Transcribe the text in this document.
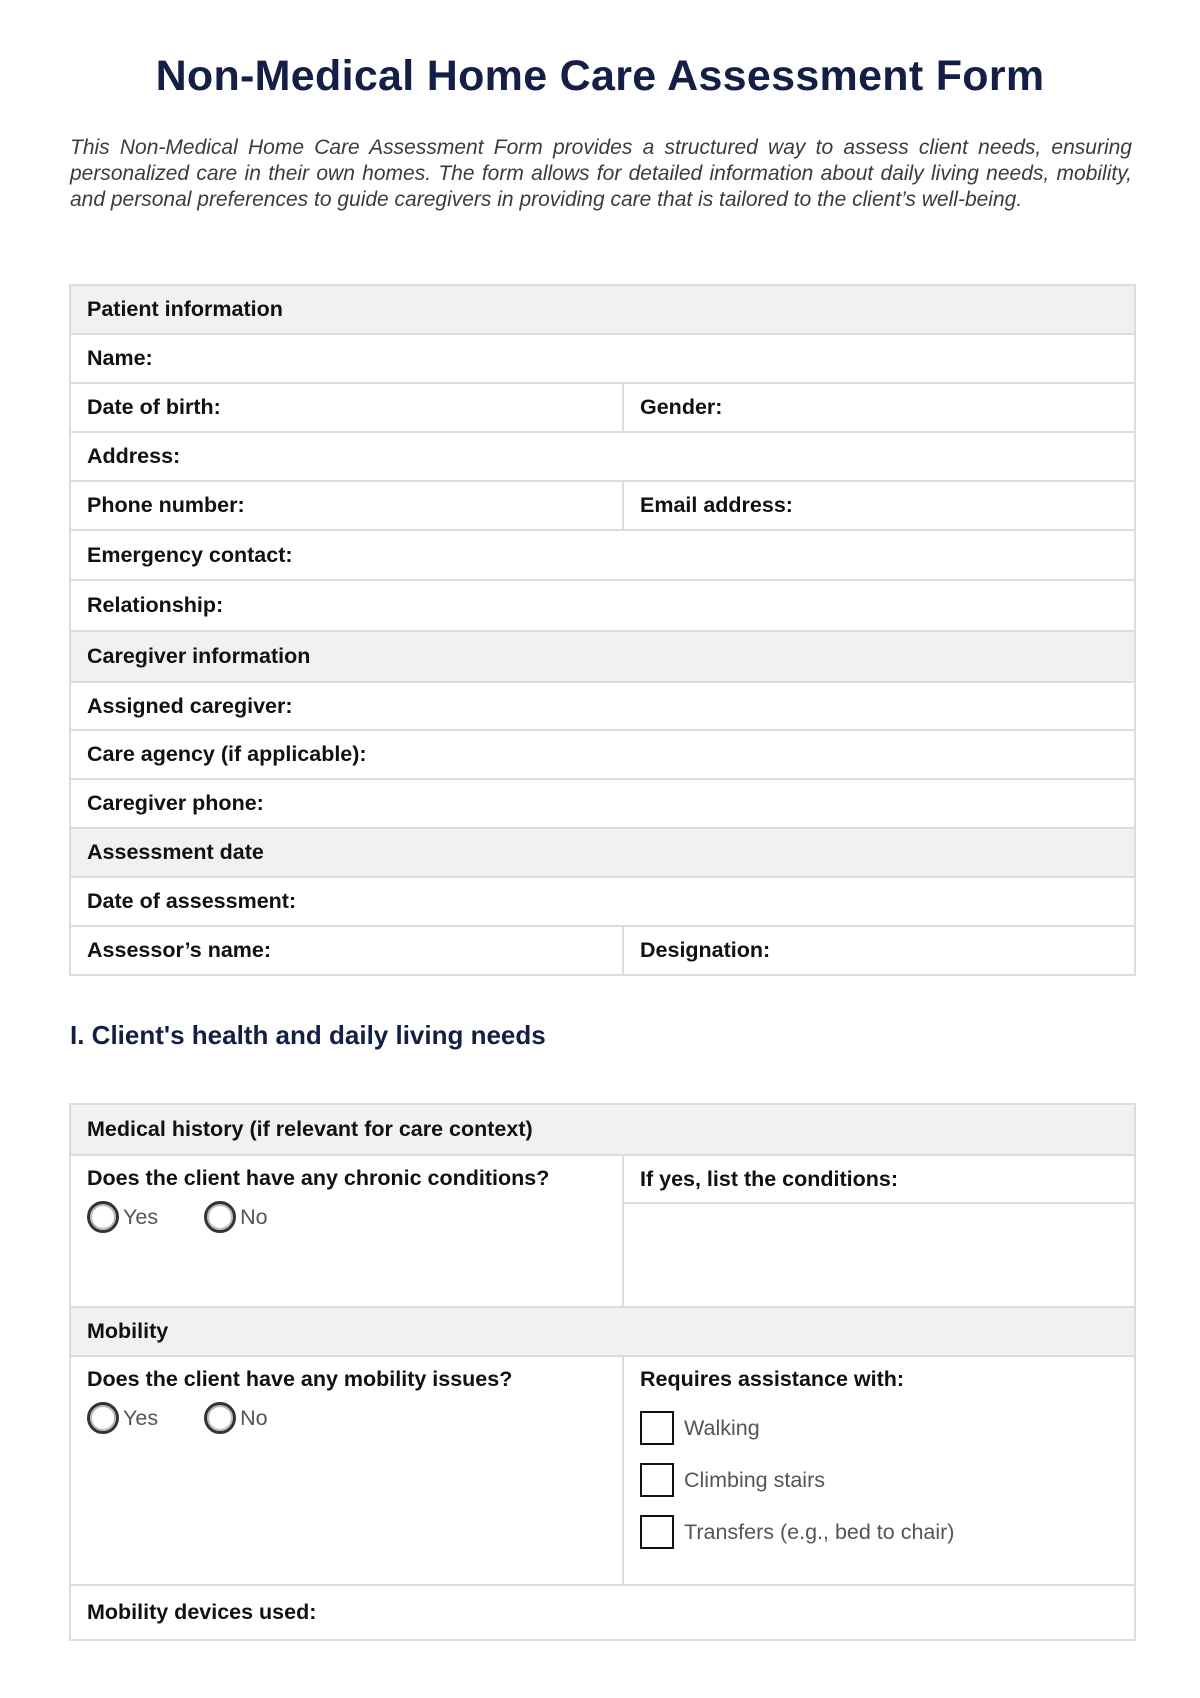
Non-Medical Home Care Assessment Form
This Non-Medical Home Care Assessment Form provides a structured way to assess client needs, ensuring personalized care in their own homes. The form allows for detailed information about daily living needs, mobility, and personal preferences to guide caregivers in providing care that is tailored to the client’s well-being.
Patient information	
Name:	
Date of birth:	Gender:
Address:	
Phone number:	Email address:
Emergency contact:	
Relationship:	
Caregiver information	
Assigned caregiver:	
Care agency (if applicable):	
Caregiver phone:	
Assessment date	
Date of assessment:	
Assessor’s name:	Designation:
I. Client's health and daily living needs
Medical history (if relevant for care context)	

Does the client have any chronic conditions?
Yes No	If yes, list the conditions:

Mobility	

Does the client have any mobility issues?
Yes No	Requires assistance with:
Walking
Climbing stairs
Transfers (e.g., bed to chair)

Mobility devices used:	
